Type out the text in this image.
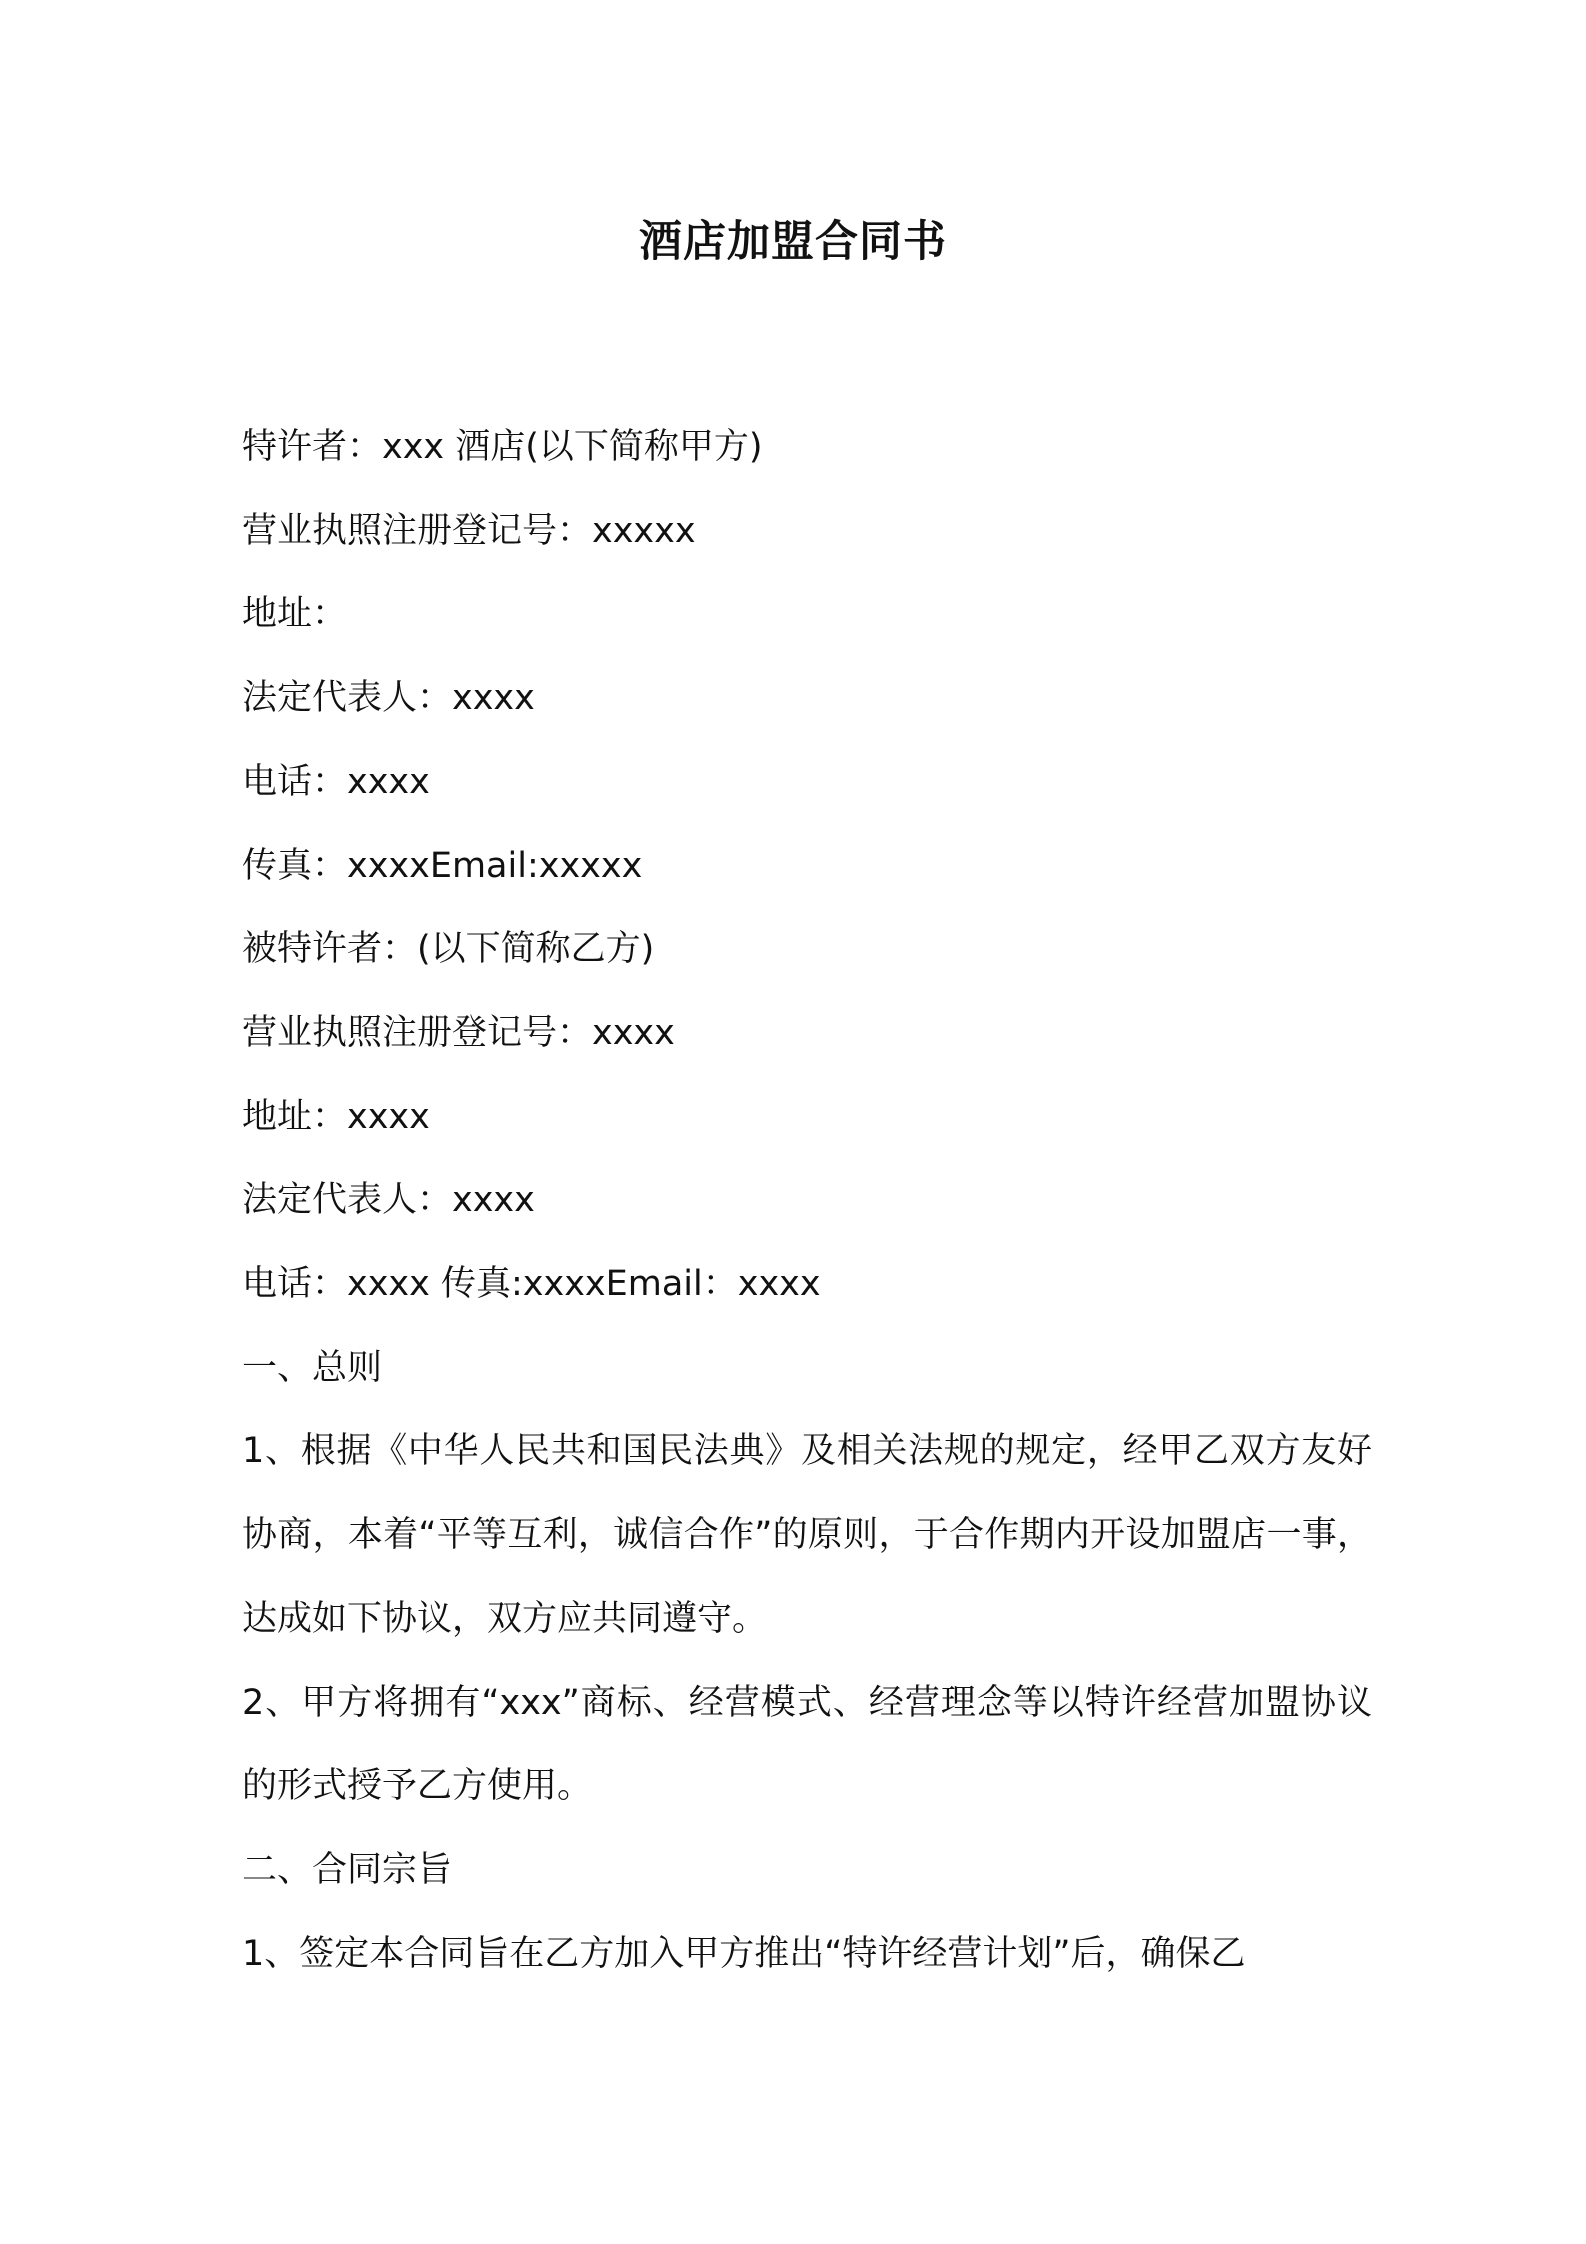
酒店加盟合同书

特许者：xxx 酒店(以下简称甲方)

营业执照注册登记号：xxxxx

地址：

法定代表人：xxxx

电话：xxxx

传真：xxxxEmail:xxxxx

被特许者：(以下简称乙方)

营业执照注册登记号：xxxx

地址：xxxx

法定代表人：xxxx

电话：xxxx 传真:xxxxEmail：xxxx

一、总则

1、根据《中华人民共和国民法典》及相关法规的规定，经甲乙双方友好协商，本着“平等互利，诚信合作”的原则，于合作期内开设加盟店一事，达成如下协议，双方应共同遵守。

2、甲方将拥有“xxx”商标、经营模式、经营理念等以特许经营加盟协议的形式授予乙方使用。

二、合同宗旨

1、签定本合同旨在乙方加入甲方推出“特许经营计划”后，确保乙
